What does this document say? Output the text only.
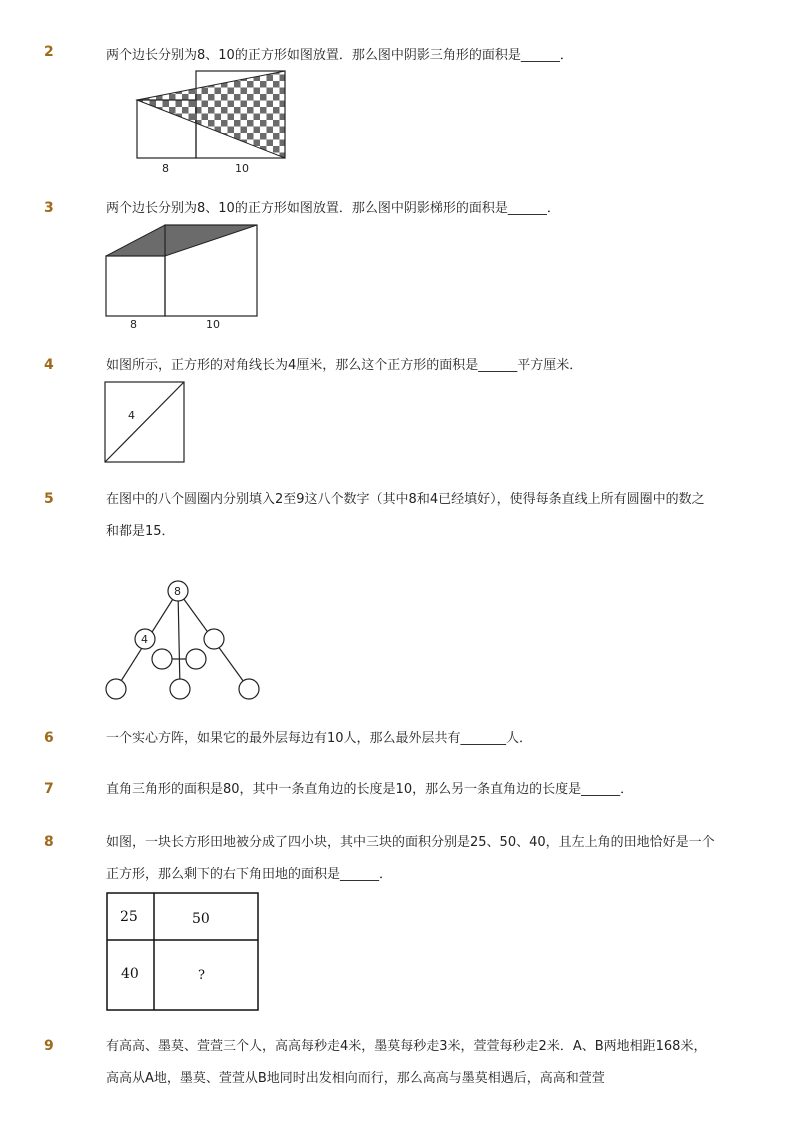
2	两个边长分别为8、10的正方形如图放置．那么图中阴影三角形的面积是______．
8	10
3	两个边长分别为8、10的正方形如图放置．那么图中阴影梯形的面积是______．
8	10
4	如图所示，正方形的对角线长为4厘米，那么这个正方形的面积是______平方厘米．
4
5	在图中的八个圆圈内分别填入2至9这八个数字（其中8和4已经填好），使得每条直线上所有圆圈中的数之和都是15．
8
4
6	一个实心方阵，如果它的最外层每边有10人，那么最外层共有_______人．
7	直角三角形的面积是80，其中一条直角边的长度是10，那么另一条直角边的长度是______．
8	如图，一块长方形田地被分成了四小块，其中三块的面积分别是25、50、40，且左上角的田地恰好是一个正方形，那么剩下的右下角田地的面积是______．
25	50
40	?
9	有高高、墨莫、萱萱三个人，高高每秒走4米，墨莫每秒走3米，萱萱每秒走2米．A、B两地相距168米，高高从A地，墨莫、萱萱从B地同时出发相向而行，那么高高与墨莫相遇后，高高和萱萱
